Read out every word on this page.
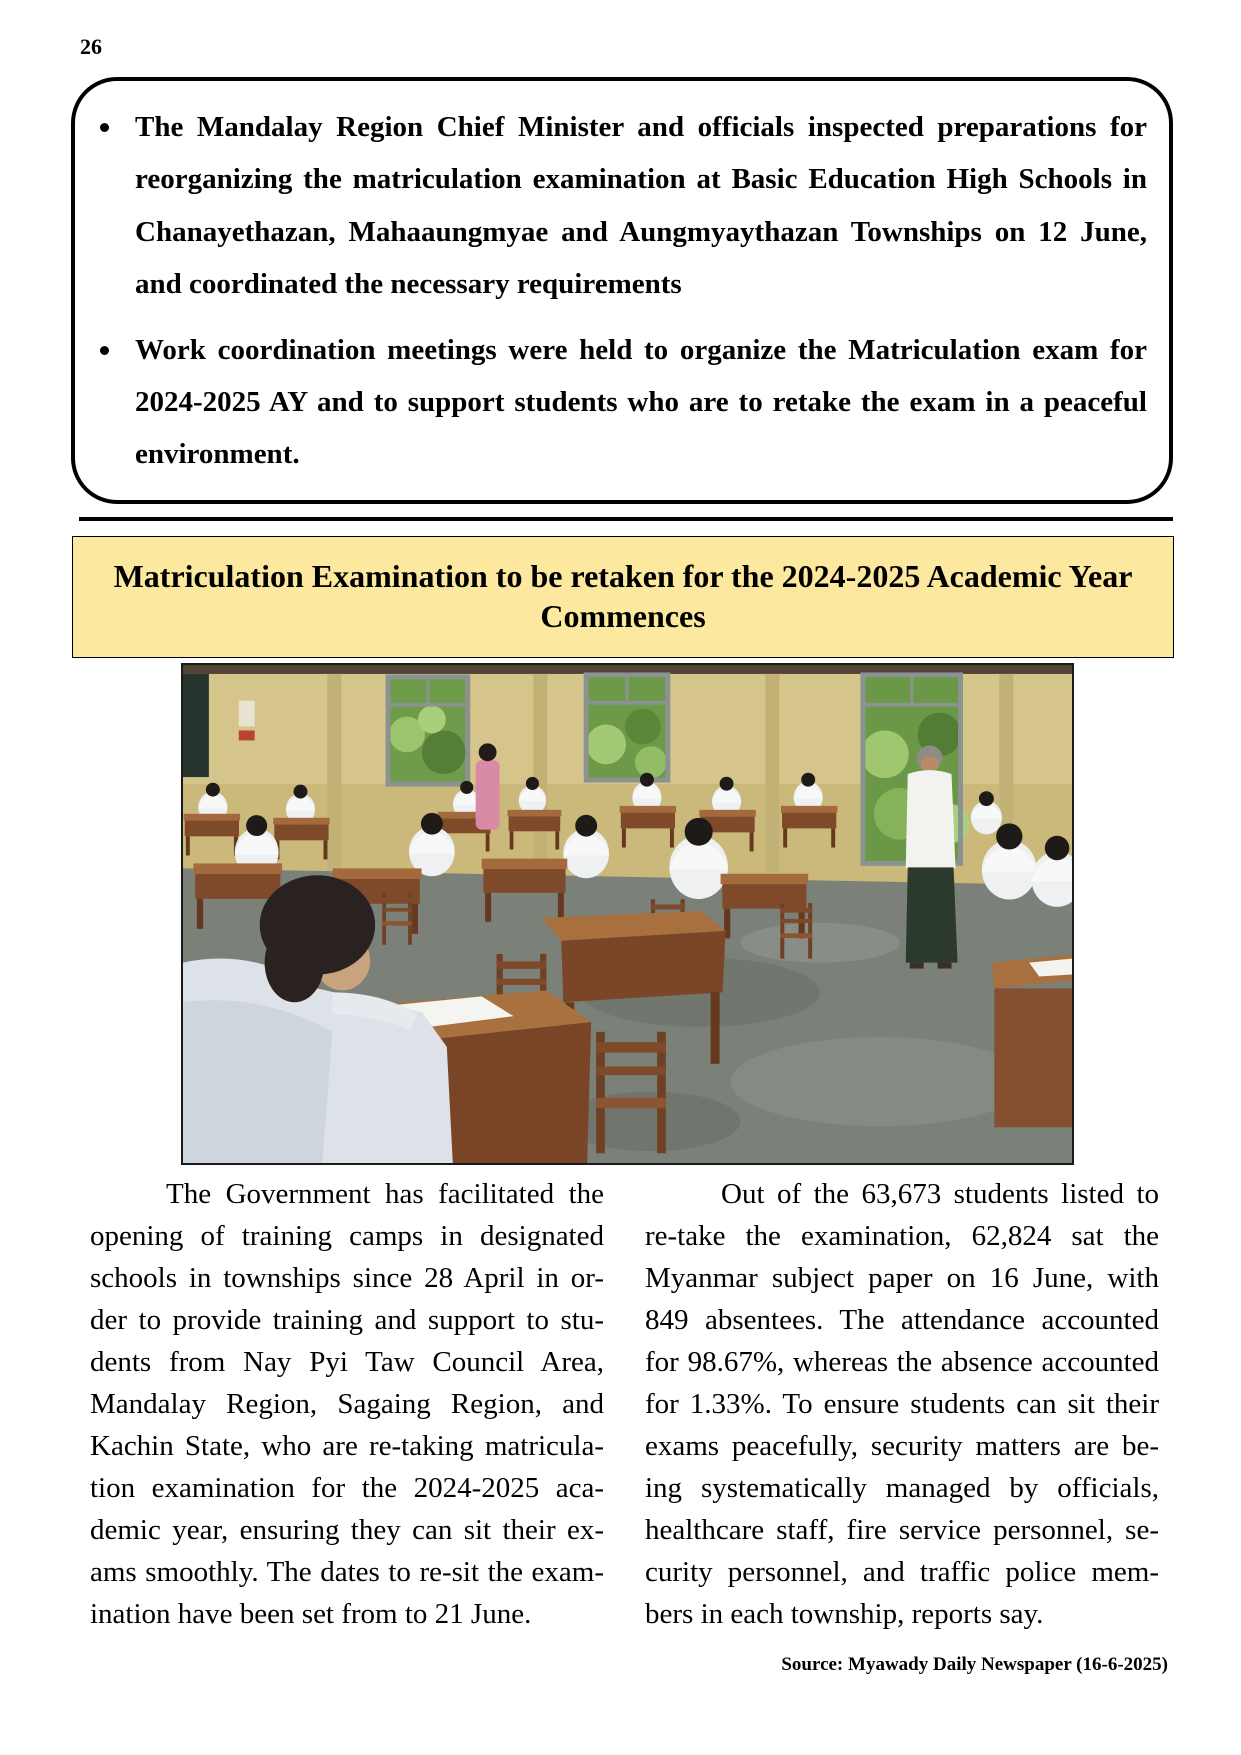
26
The Mandalay Region Chief Minister and officials inspected preparations for
reorganizing the matriculation examination at Basic Education High Schools in
Chanayethazan, Mahaaungmyae and Aungmyaythazan Townships on 12 June,
and coordinated the necessary requirements
Work coordination meetings were held to organize the Matriculation exam for
2024-2025 AY and to support students who are to retake the exam in a peaceful
environment.
Matriculation Examination to be retaken for the 2024-2025 Academic Year
Commences
The Government has facilitated the
opening of training camps in designated
schools in townships since 28 April in or-
der to provide training and support to stu-
dents from Nay Pyi Taw Council Area,
Mandalay Region, Sagaing Region, and
Kachin State, who are re-taking matricula-
tion examination for the 2024-2025 aca-
demic year, ensuring they can sit their ex-
ams smoothly. The dates to re-sit the exam-
ination have been set from to 21 June.
Out of the 63,673 students listed to
re-take the examination, 62,824 sat the
Myanmar subject paper on 16 June, with
849 absentees. The attendance accounted
for 98.67%, whereas the absence accounted
for 1.33%. To ensure students can sit their
exams peacefully, security matters are be-
ing systematically managed by officials,
healthcare staff, fire service personnel, se-
curity personnel, and traffic police mem-
bers in each township, reports say.
Source: Myawady Daily Newspaper (16-6-2025)
